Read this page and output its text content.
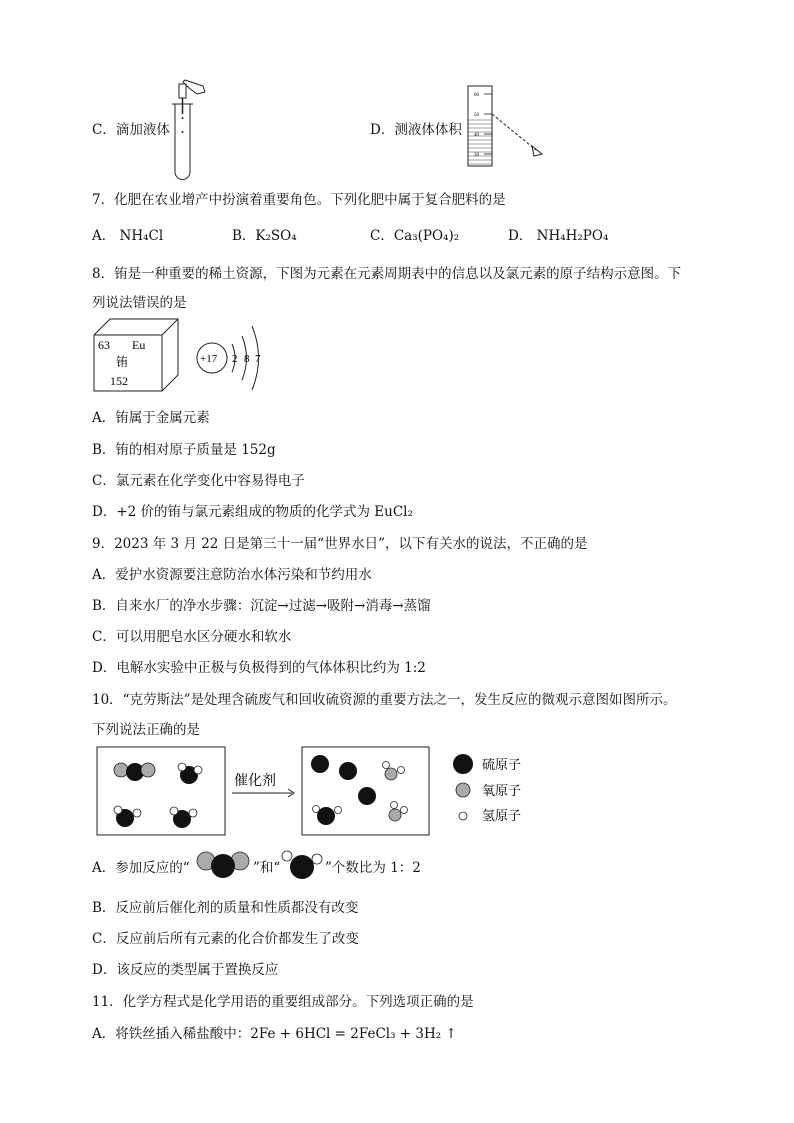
C．滴加液体	D．测液体体积
60
50
40
30
7．化肥在农业增产中扮演着重要角色。下列化肥中属于复合肥料的是
A． NH₄Cl	B．K₂SO₄	C．Ca₃(PO₄)₂	D． NH₄H₂PO₄
8．铕是一种重要的稀土资源，下图为元素在元素周期表中的信息以及氯元素的原子结构示意图。下
列说法错误的是
63 Eu
铕
152
+17 2 8 7
A．铕属于金属元素
B．铕的相对原子质量是 152g
C．氯元素在化学变化中容易得电子
D．+2 价的铕与氯元素组成的物质的化学式为 EuCl₂
9．2023 年 3 月 22 日是第三十一届“世界水日”，以下有关水的说法，不正确的是
A．爱护水资源要注意防治水体污染和节约用水
B．自来水厂的净水步骤：沉淀→过滤→吸附→消毒→蒸馏
C．可以用肥皂水区分硬水和软水
D．电解水实验中正极与负极得到的气体体积比约为 1:2
10．“克劳斯法”是处理含硫废气和回收硫资源的重要方法之一，发生反应的微观示意图如图所示。
下列说法正确的是
催化剂
硫原子
氧原子
氢原子
A．参加反应的“	”和“	”个数比为 1：2
B．反应前后催化剂的质量和性质都没有改变
C．反应前后所有元素的化合价都发生了改变
D．该反应的类型属于置换反应
11．化学方程式是化学用语的重要组成部分。下列选项正确的是
A．将铁丝插入稀盐酸中：2Fe + 6HCl = 2FeCl₃ + 3H₂ ↑
